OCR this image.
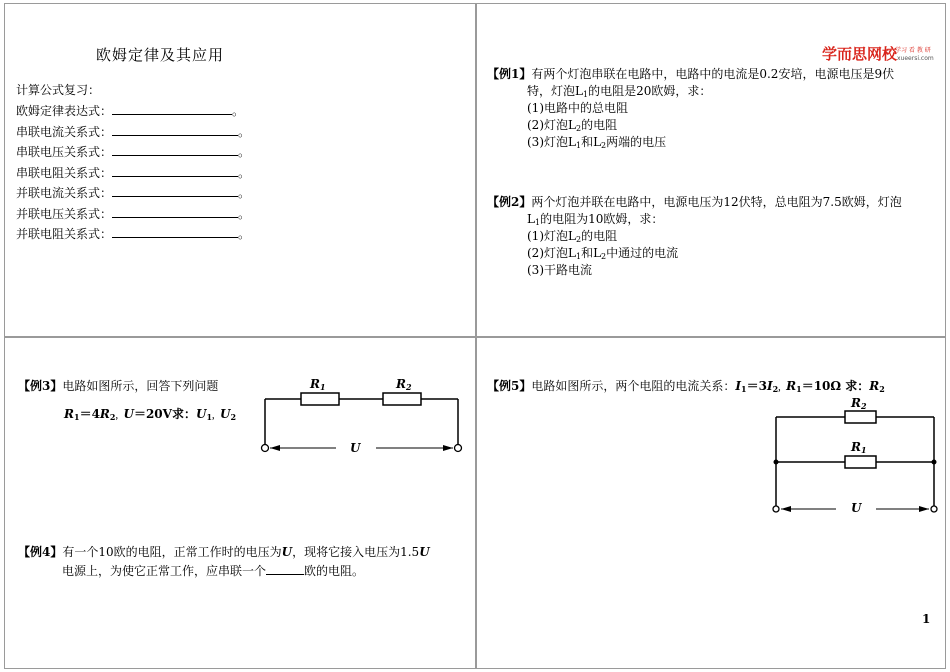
欧姆定律及其应用
计算公式复习：
欧姆定律表达式：	。
串联电流关系式：	。
串联电压关系式：	。
串联电阻关系式：	。
并联电流关系式：	。
并联电压关系式：	。
并联电阻关系式：	。
学而思网校
学习 看 教 研
xueersi.com
【例1】有两个灯泡串联在电路中，电路中的电流是0.2安培，电源电压是9伏
特，灯泡$L_1$的电阻是20欧姆，求：
(1)电路中的总电阻
(2)灯泡$L_2$的电阻
(3)灯泡$L_1$和$L_2$两端的电压
【例2】两个灯泡并联在电路中，电源电压为12伏特，总电阻为7.5欧姆，灯泡
$L_1$的电阻为10欧姆，求：
(1)灯泡$L_2$的电阻
(2)灯泡$L_1$和$L_2$中通过的电流
(3)干路电流
【例3】电路如图所示，回答下列问题
$R_1=4R_2$，U＝20V求：$U_1$，$U_2$
R1	R2
U
【例4】有一个10欧的电阻，正常工作时的电压为U，现将它接入电压为1.5U
电源上，为使它正常工作，应串联一个	欧的电阻。
【例5】电路如图所示，两个电阻的电流关系：$I_1=3I_2$，$R_1=10\Omega$ 求：$R_2$
R2
R1
U
1
